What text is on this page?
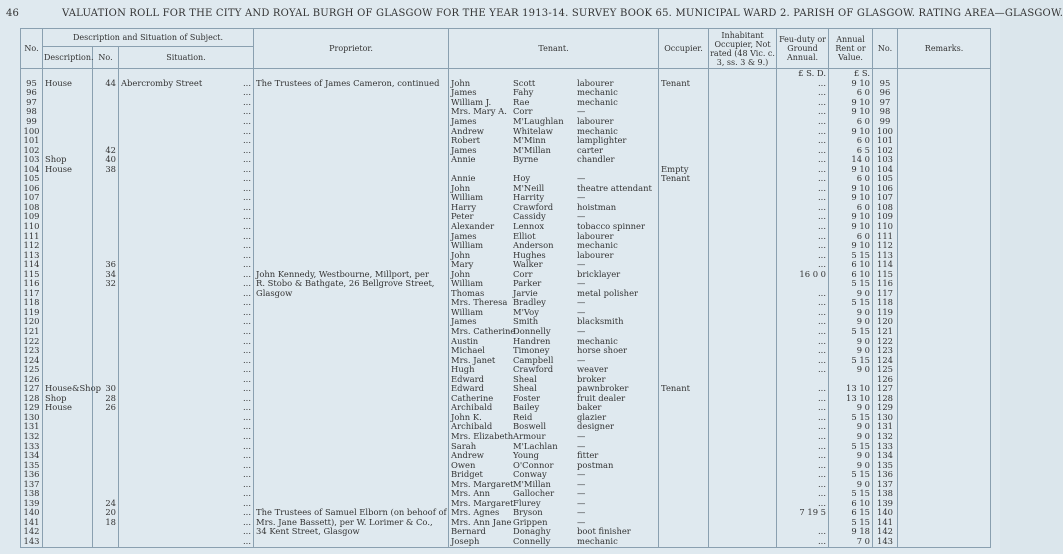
46	VALUATION ROLL FOR THE CITY AND ROYAL BURGH OF GLASGOW FOR THE YEAR 1913-14. SURVEY BOOK 65. MUNICIPAL WARD 2. PARISH OF GLASGOW. RATING AREA—GLASGOW.
No.	Description and Situation of Subject.			Proprietor.	Tenant.	Occupier.	Inhabitant Occupier, Not rated (48 Vic. c. 3, ss. 3 & 9.)	Feu-duty or Ground Annual.	Annual Rent or Value.	No.	Remarks.
	Description.	No.	Situation.								
								£ S. D.	£ S.		
95	House	44	Abercromby Street ...	The Trustees of James Cameron, continued	John Scott labourer	Tenant		...	9 10	95	
96			...		James Fahy mechanic			...	6 0	96	
97			...		William J. Rae mechanic			...	9 10	97	
98			...		Mrs. Mary A. Corr —			...	9 10	98	
99			...		James M'Laughlan labourer			...	6 0	99	
100			...		Andrew Whitelaw mechanic			...	9 10	100	
101			...		Robert M'Minn lamplighter			...	6 0	101	
102		42	...		James M'Millan carter			...	6 5	102	
103	Shop	40	...		Annie Byrne chandler			...	14 0	103	
104	House	38	...			Empty		...	9 10	104	
105			...		Annie Hoy —	Tenant		...	6 0	105	
106			...		John M'Neill theatre attendant			...	9 10	106	
107			...		William Harrity —			...	9 10	107	
108			...		Harry Crawford hoistman			...	6 0	108	
109			...		Peter Cassidy —			...	9 10	109	
110			...		Alexander Lennox tobacco spinner			...	9 10	110	
111			...		James Elliot labourer			...	6 0	111	
112			...		William Anderson mechanic			...	9 10	112	
113			...		John Hughes labourer			...	5 15	113	
114		36	...		Mary Walker —			...	6 10	114	
115		34	...	John Kennedy, Westbourne, Millport, per	John Corr bricklayer			16 0 0	6 10	115	
116		32	...	R. Stobo & Bathgate, 26 Bellgrove Street,	William Parker —				5 15	116	
117			...	Glasgow	Thomas Jarvie metal polisher			...	9 0	117	
118			...		Mrs. Theresa Bradley —			...	5 15	118	
119			...		William M'Voy —			...	9 0	119	
120			...		James Smith blacksmith			...	9 0	120	
121			...		Mrs. CatherineDonnelly —			...	5 15	121	
122			...		Austin Handren mechanic			...	9 0	122	
123			...		Michael Timoney horse shoer			...	9 0	123	
124			...		Mrs. Janet Campbell —			...	5 15	124	
125			...		Hugh Crawford weaver			...	9 0	125	
126			...		Edward Sheal broker					126	
127	House&Shop	30	...		Edward Sheal pawnbroker	Tenant		...	13 10	127	
128	Shop	28	...		Catherine Foster fruit dealer			...	13 10	128	
129	House	26	...		Archibald Bailey baker			...	9 0	129	
130			...		John K. Reid glazier			...	5 15	130	
131			...		Archibald Boswell designer			...	9 0	131	
132			...		Mrs. ElizabethArmour —			...	9 0	132	
133			...		Sarah M'Lachlan —			...	5 15	133	
134			...		Andrew Young fitter			...	9 0	134	
135			...		Owen O'Connor postman			...	9 0	135	
136			...		Bridget Conway —			...	5 15	136	
137			...		Mrs. MargaretM'Millan —			...	9 0	137	
138			...		Mrs. Ann Gallocher —			...	5 15	138	
139		24	...		Mrs. MargaretFlurey —			...	6 10	139	
140		20	...	The Trustees of Samuel Elborn (on behoof of	Mrs. Agnes Bryson —			7 19 5	6 15	140	
141		18	...	Mrs. Jane Bassett), per W. Lorimer & Co.,	Mrs. Ann Jane Grippen —				5 15	141	
142			...	34 Kent Street, Glasgow	Bernard Donaghy boot finisher			...	9 18	142	
143			...		Joseph Connelly mechanic			...	7 0	143	
